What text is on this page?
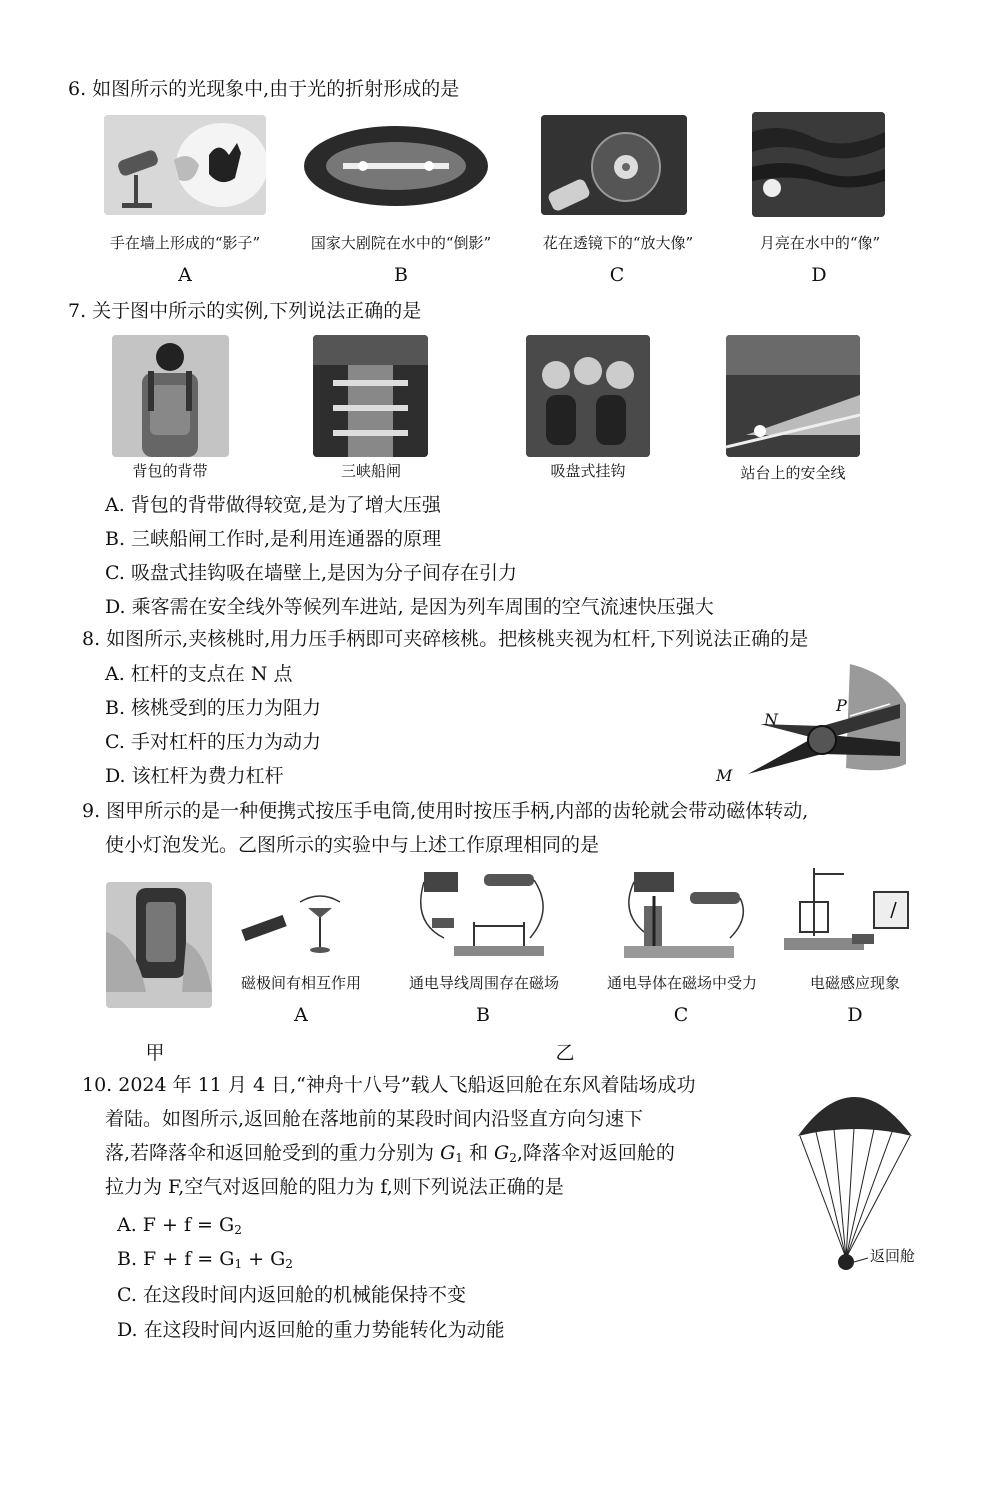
6. 如图所示的光现象中,由于光的折射形成的是
手在墙上形成的“影子”	国家大剧院在水中的“倒影”	花在透镜下的“放大像”	月亮在水中的“像”
A	B	C	D
7. 关于图中所示的实例,下列说法正确的是
背包的背带	三峡船闸	吸盘式挂钩	站台上的安全线
A. 背包的背带做得较宽,是为了增大压强
B. 三峡船闸工作时,是利用连通器的原理
C. 吸盘式挂钩吸在墙壁上,是因为分子间存在引力
D. 乘客需在安全线外等候列车进站, 是因为列车周围的空气流速快压强大
8. 如图所示,夹核桃时,用力压手柄即可夹碎核桃。把核桃夹视为杠杆,下列说法正确的是
A. 杠杆的支点在 N 点
B. 核桃受到的压力为阻力
C. 手对杠杆的压力为动力
D. 该杠杆为费力杠杆
N
P
M
9. 图甲所示的是一种便携式按压手电筒,使用时按压手柄,内部的齿轮就会带动磁体转动,
使小灯泡发光。乙图所示的实验中与上述工作原理相同的是
磁极间有相互作用	通电导线周围存在磁场	通电导体在磁场中受力	电磁感应现象
A	B	C	D
甲	乙
10. 2024 年 11 月 4 日,“神舟十八号”载人飞船返回舱在东风着陆场成功
着陆。如图所示,返回舱在落地前的某段时间内沿竖直方向匀速下
落,若降落伞和返回舱受到的重力分别为 $G_1$ 和 $G_2$,降落伞对返回舱的
拉力为 F,空气对返回舱的阻力为 f,则下列说法正确的是
A. $F + f = G_2$
B. $F + f = G_1 + G_2$
C. 在这段时间内返回舱的机械能保持不变
D. 在这段时间内返回舱的重力势能转化为动能
返回舱
